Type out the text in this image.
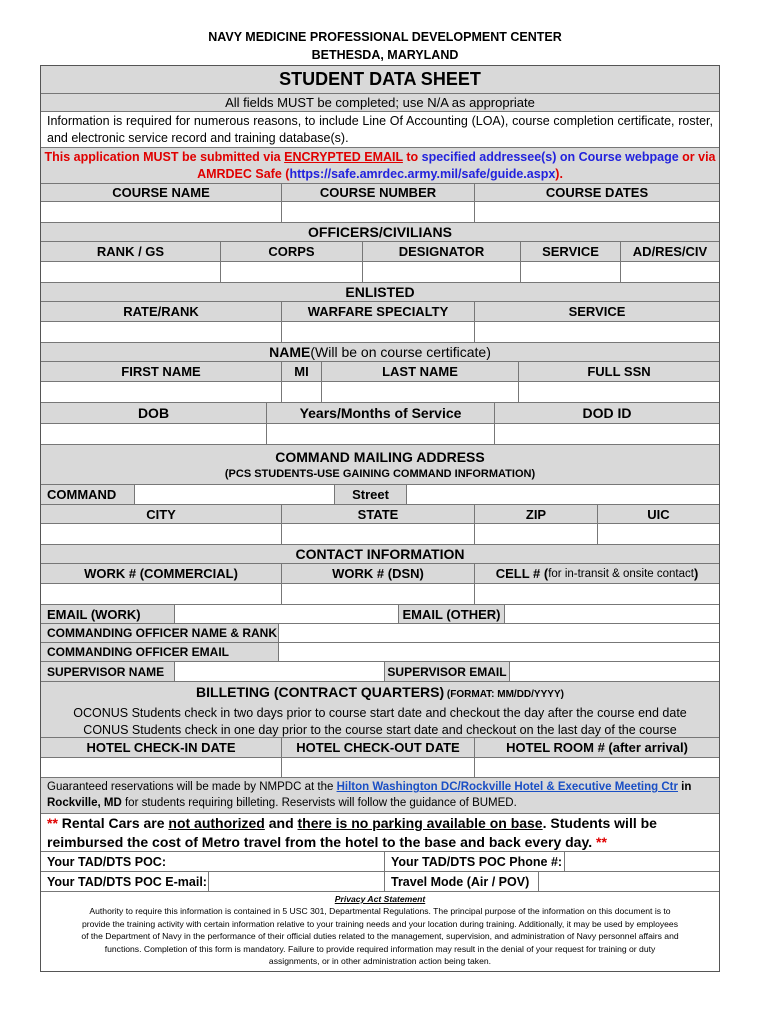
NAVY MEDICINE PROFESSIONAL DEVELOPMENT CENTER
BETHESDA, MARYLAND
STUDENT DATA SHEET
All fields MUST be completed; use N/A as appropriate
Information is required for numerous reasons, to include Line Of Accounting (LOA), course completion certificate, roster, and electronic service record and training database(s).
This application MUST be submitted via ENCRYPTED EMAIL to specified addressee(s) on Course webpage or via
AMRDEC Safe (https://safe.amrdec.army.mil/safe/guide.aspx).
COURSE NAME	COURSE NUMBER	COURSE DATES
OFFICERS/CIVILIANS
RANK / GS	CORPS	DESIGNATOR	SERVICE	AD/RES/CIV
ENLISTED
RATE/RANK	WARFARE SPECIALTY	SERVICE
NAME (Will be on course certificate)
FIRST NAME	MI	LAST NAME	FULL SSN
DOB	Years/Months of Service	DOD ID
COMMAND MAILING ADDRESS
(PCS STUDENTS-USE GAINING COMMAND INFORMATION)
COMMAND	Street
CITY	STATE	ZIP	UIC
CONTACT INFORMATION
WORK # (COMMERCIAL)	WORK # (DSN)	CELL # ( for in-transit & onsite contact )
EMAIL (WORK)	EMAIL (OTHER)
COMMANDING OFFICER NAME & RANK
COMMANDING OFFICER EMAIL
SUPERVISOR NAME	SUPERVISOR EMAIL
BILLETING (CONTRACT QUARTERS) (FORMAT: MM/DD/YYYY)
OCONUS Students check in two days prior to course start date and checkout the day after the course end date
CONUS Students check in one day prior to the course start date and checkout on the last day of the course
HOTEL CHECK-IN DATE	HOTEL CHECK-OUT DATE	HOTEL ROOM # (after arrival)
Guaranteed reservations will be made by NMPDC at the Hilton Washington DC/Rockville Hotel & Executive Meeting Ctr in
Rockville, MD for students requiring billeting. Reservists will follow the guidance of BUMED.
** Rental Cars are not authorized and there is no parking available on base. Students will be reimbursed the cost of Metro travel from the hotel to the base and back every day. **
Your TAD/DTS POC:	Your TAD/DTS POC Phone #:
Your TAD/DTS POC E-mail:	Travel Mode (Air / POV)
Privacy Act Statement
Authority to require this information is contained in 5 USC 301, Departmental Regulations. The principal purpose of the information on this document is to provide the training activity with certain information relative to your training needs and your location during training. Additionally, it may be used by employees of the Department of Navy in the performance of their official duties related to the management, supervision, and administration of Navy personnel affairs and functions. Completion of this form is mandatory. Failure to provide required information may result in the denial of your request for training or duty assignments, or in other administration action being taken.
